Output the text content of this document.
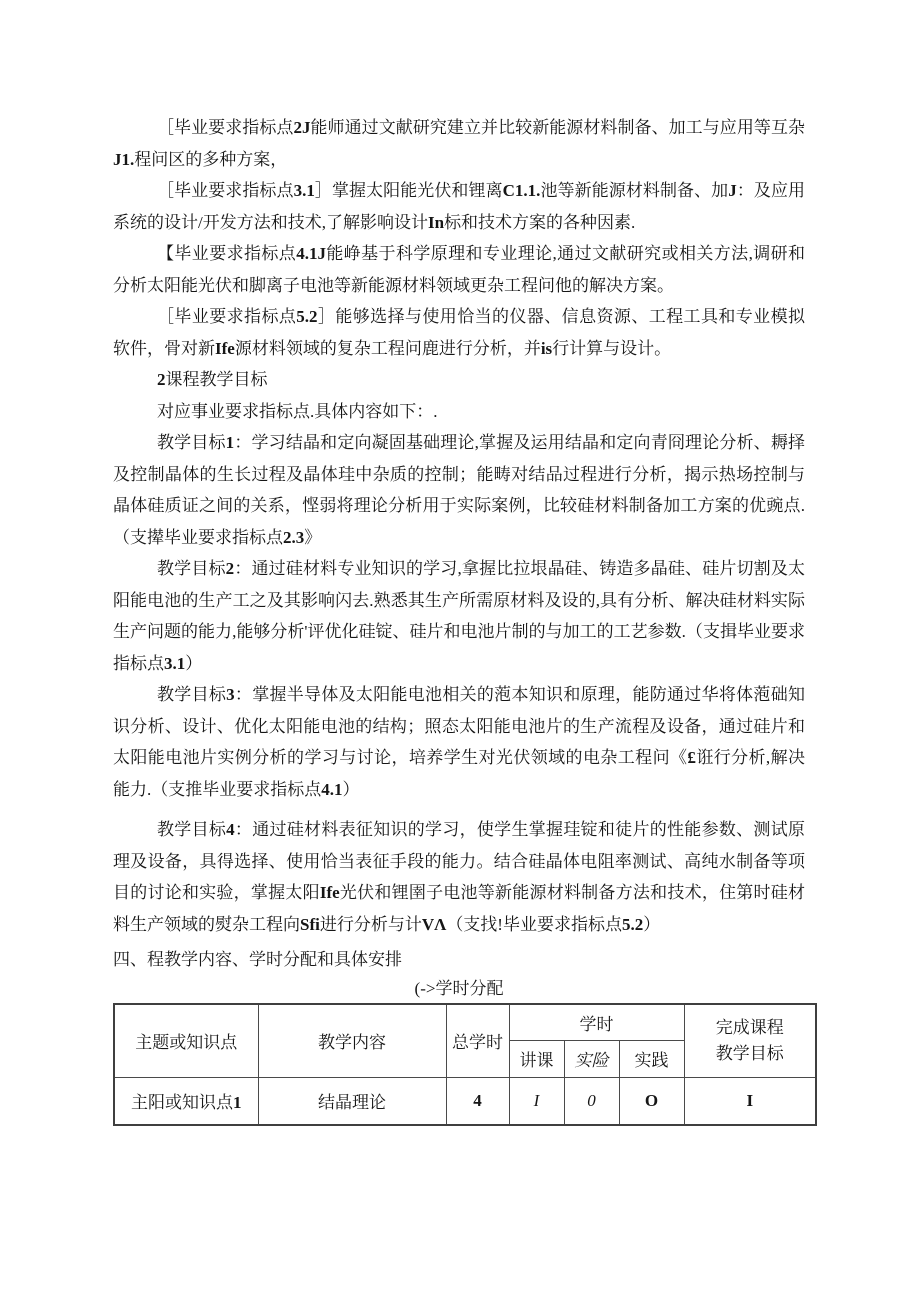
［毕业要求指标点2J能师通过文献研究建立并比较新能源材料制备、加工与应用等互杂J1.程问区的多种方案，

［毕业要求指标点3.1］掌握太阳能光伏和锂离C1.1.池等新能源材料制备、加J：及应用系统的设计/开发方法和技术,了解影响设计In标和技术方案的各种因素.

【毕业要求指标点4.1J能峥基于科学原理和专业理论,通过文献研究或相关方法,调研和分析太阳能光伏和脚离子电池等新能源材料领域更杂工程问他的解决方案。

［毕业要求指标点5.2］能够选择与使用恰当的仪器、信息资源、工程工具和专业模拟软件，骨对新Ife源材料领域的复杂工程问鹿进行分析，并is行计算与设计。

2课程教学目标

对应事业要求指标点.具体内容如下：.

教学目标1：学习结晶和定向凝固基础理论,掌握及运用结晶和定向青冏理论分析、耨择及控制晶体的生长过程及晶体珪中杂质的控制；能畴对结品过程进行分析，揭示热场控制与晶体硅质证之间的关系，悭弱将理论分析用于实际案例，比较硅材料制备加工方案的优豌点.（支撵毕业要求指标点2.3》

教学目标2：通过硅材料专业知识的学习,拿握比拉垠晶硅、铸造多晶硅、硅片切割及太阳能电池的生产工之及其影响闪去.熟悉其生产所需原材料及设的,具有分析、解决硅材料实际生产问题的能力,能够分析'评优化硅锭、硅片和电池片制的与加工的工艺参数.（支揖毕业要求指标点3.1）

教学目标3：掌握半导体及太阳能电池相关的萢本知识和原理，能防通过华将体萢础知识分析、设计、优化太阳能电池的结构；照态太阳能电池片的生产流程及设备，通过硅片和太阳能电池片实例分析的学习与讨论，培养学生对光伏领域的电杂工程问《£诳行分析,解决能力.（支推毕业要求指标点4.1）

教学目标4：通过硅材料表征知识的学习，使学生掌握珪锭和徒片的性能参数、测试原理及设备，具得选择、使用恰当表征手段的能力。结合硅晶体电阻率测试、高纯水制备等项目的讨论和实验，掌握太阳Ife光伏和锂圉子电池等新能源材料制备方法和技术，住第时硅材料生产领域的熨杂工程向Sfi进行分析与计VΛ（支找!毕业要求指标点5.2）

四、程教学内容、学时分配和具体安排
(->学时分配
主题或知识点	教学内容	总学时	学时			完成课程
教学目标

			讲课	实险	实践	
主阳或知识点1	结晶理论	4	I	0	O	I
